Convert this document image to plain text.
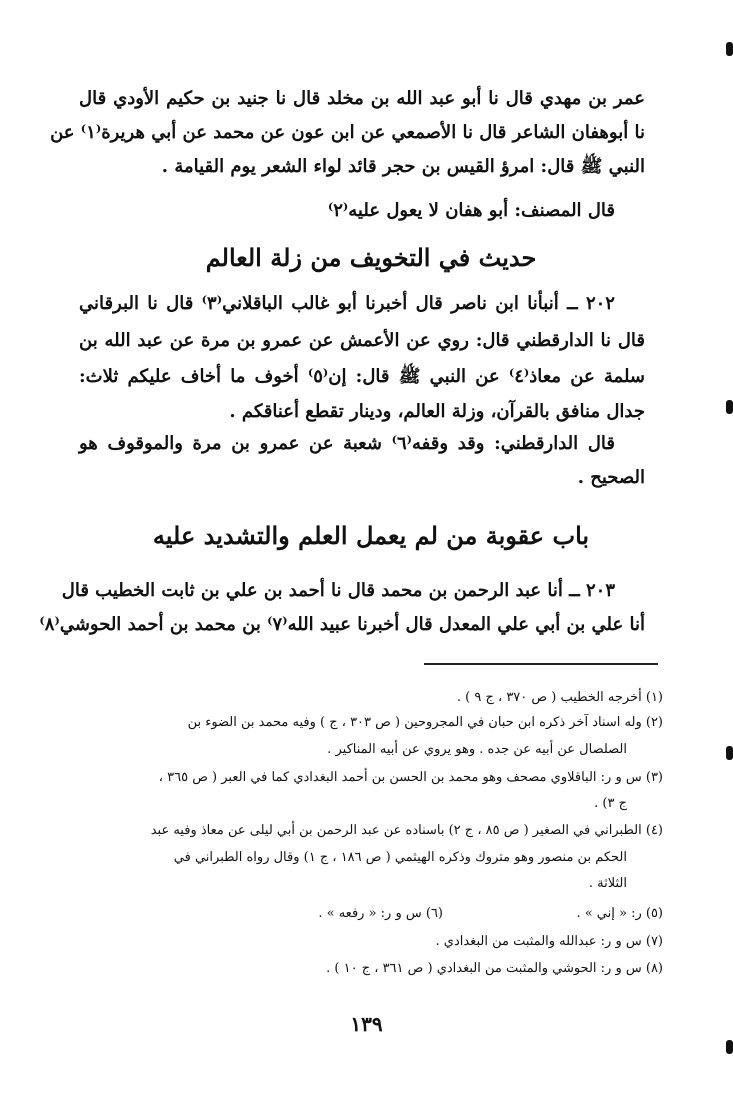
عمر بن مهدي قال نا أبو عبد الله بن مخلد قال نا جنيد بن حكيم الأودي قال
نا أبوهفان الشاعر قال نا الأصمعي عن ابن عون عن محمد عن أبي هريرة⁽١⁾ عن
النبي ﷺ قال: امرؤ القيس بن حجر قائد لواء الشعر يوم القيامة .
قال المصنف: أبو هفان لا يعول عليه⁽٢⁾
حديث في التخويف من زلة العالم
٢٠٢ ــ أنبأنا ابن ناصر قال أخبرنا أبو غالب الباقلاني⁽٣⁾ قال نا البرقاني
قال نا الدارقطني قال: روي عن الأعمش عن عمرو بن مرة عن عبد الله بن
سلمة عن معاذ⁽٤⁾ عن النبي ﷺ قال: إن⁽٥⁾ أخوف ما أخاف عليكم ثلاث:
جدال منافق بالقرآن، وزلة العالم، ودينار تقطع أعناقكم .
قال الدارقطني: وقد وقفه⁽٦⁾ شعبة عن عمرو بن مرة والموقوف هو
الصحيح .
باب عقوبة من لم يعمل العلم والتشديد عليه
٢٠٣ ــ أنا عبد الرحمن بن محمد قال نا أحمد بن علي بن ثابت الخطيب قال
أنا علي بن أبي علي المعدل قال أخبرنا عبيد الله⁽٧⁾ بن محمد بن أحمد الحوشي⁽٨⁾
(١) أخرجه الخطيب ( ص ٣٧٠ ، ج ٩ ) .
(٢) وله اسناد آخر ذكره ابن حبان في المجروحين ( ص ٣٠٣ ، ج ) وفيه محمد بن الضوء بن
الصلصال عن أبيه عن جده . وهو يروي عن أبيه المناكير .
(٣) س و ر: الباقلاوي مصحف وهو محمد بن الحسن بن أحمد البغدادي كما في العبر ( ص ٣٦٥ ،
ج ٣) .
(٤) الطبراني في الصغير ( ص ٨٥ ، ج ٢) باسناده عن عبد الرحمن بن أبي ليلى عن معاذ وفيه عبد
الحكم بن منصور وهو متروك وذكره الهيثمي ( ص ١٨٦ ، ج ١) وقال رواه الطبراني في
الثلاثة .
(٥) ر: « إني » .
(٦) س و ر: « رفعه » .
(٧) س و ر: عبدالله والمثبت من البغدادي .
(٨) س و ر: الحوشي والمثبت من البغدادي ( ص ٣٦١ ، ج ١٠ ) .
١٣٩
